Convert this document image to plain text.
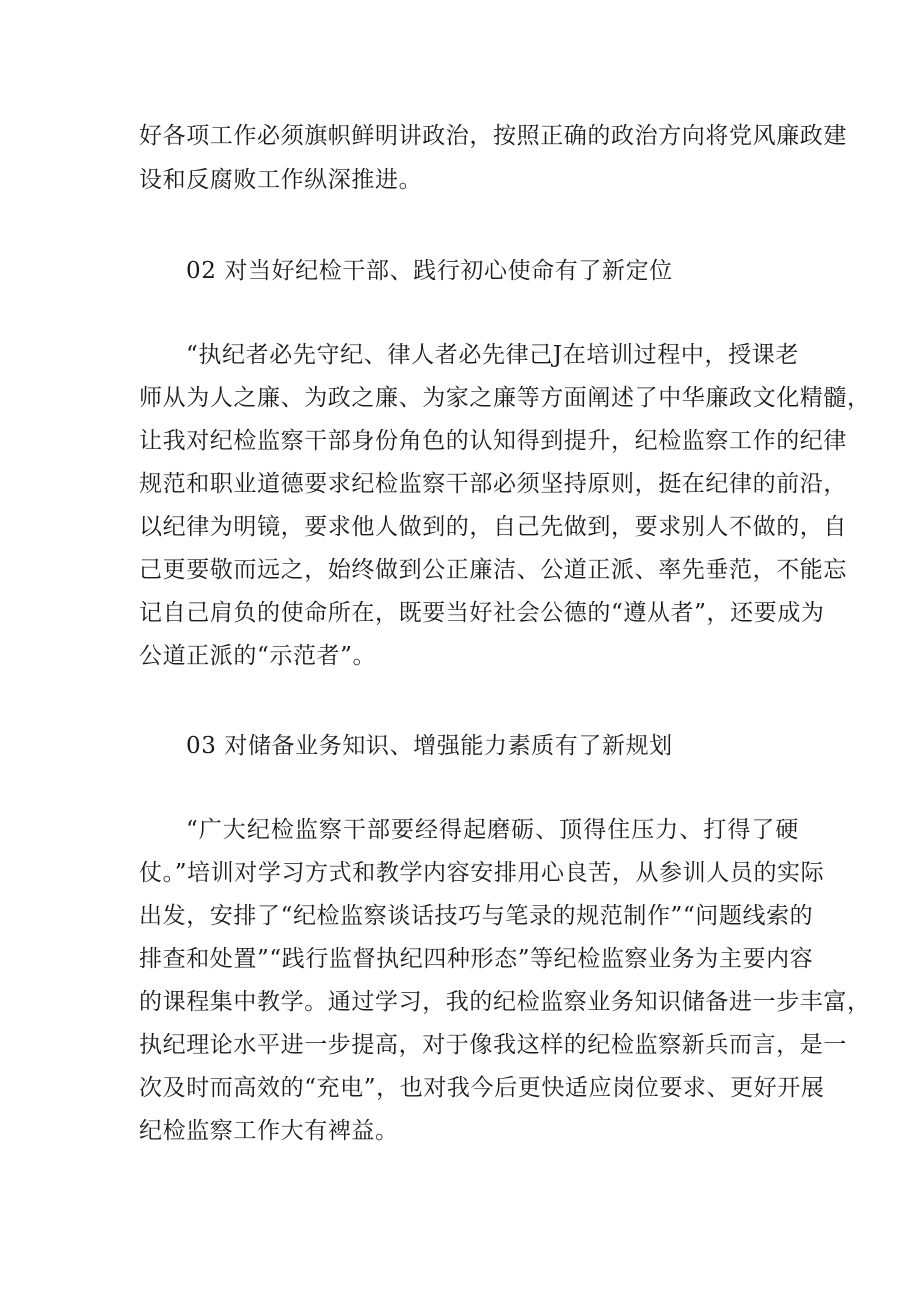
好各项工作必须旗帜鲜明讲政治，按照正确的政治方向将党风廉政建
设和反腐败工作纵深推进。
02 对当好纪检干部、践行初心使命有了新定位
“执纪者必先守纪、律人者必先律己J在培训过程中，授课老
师从为人之廉、为政之廉、为家之廉等方面阐述了中华廉政文化精髓，
让我对纪检监察干部身份角色的认知得到提升，纪检监察工作的纪律
规范和职业道德要求纪检监察干部必须坚持原则，挺在纪律的前沿，
以纪律为明镜，要求他人做到的，自己先做到，要求别人不做的，自
己更要敬而远之，始终做到公正廉洁、公道正派、率先垂范，不能忘
记自己肩负的使命所在，既要当好社会公德的“遵从者”，还要成为
公道正派的“示范者”。
03 对储备业务知识、增强能力素质有了新规划
“广大纪检监察干部要经得起磨砺、顶得住压力、打得了硬
仗。”培训对学习方式和教学内容安排用心良苦，从参训人员的实际
出发，安排了“纪检监察谈话技巧与笔录的规范制作”“问题线索的
排查和处置”“践行监督执纪四种形态”等纪检监察业务为主要内容
的课程集中教学。通过学习，我的纪检监察业务知识储备进一步丰富，
执纪理论水平进一步提高，对于像我这样的纪检监察新兵而言，是一
次及时而高效的“充电”，也对我今后更快适应岗位要求、更好开展
纪检监察工作大有裨益。
